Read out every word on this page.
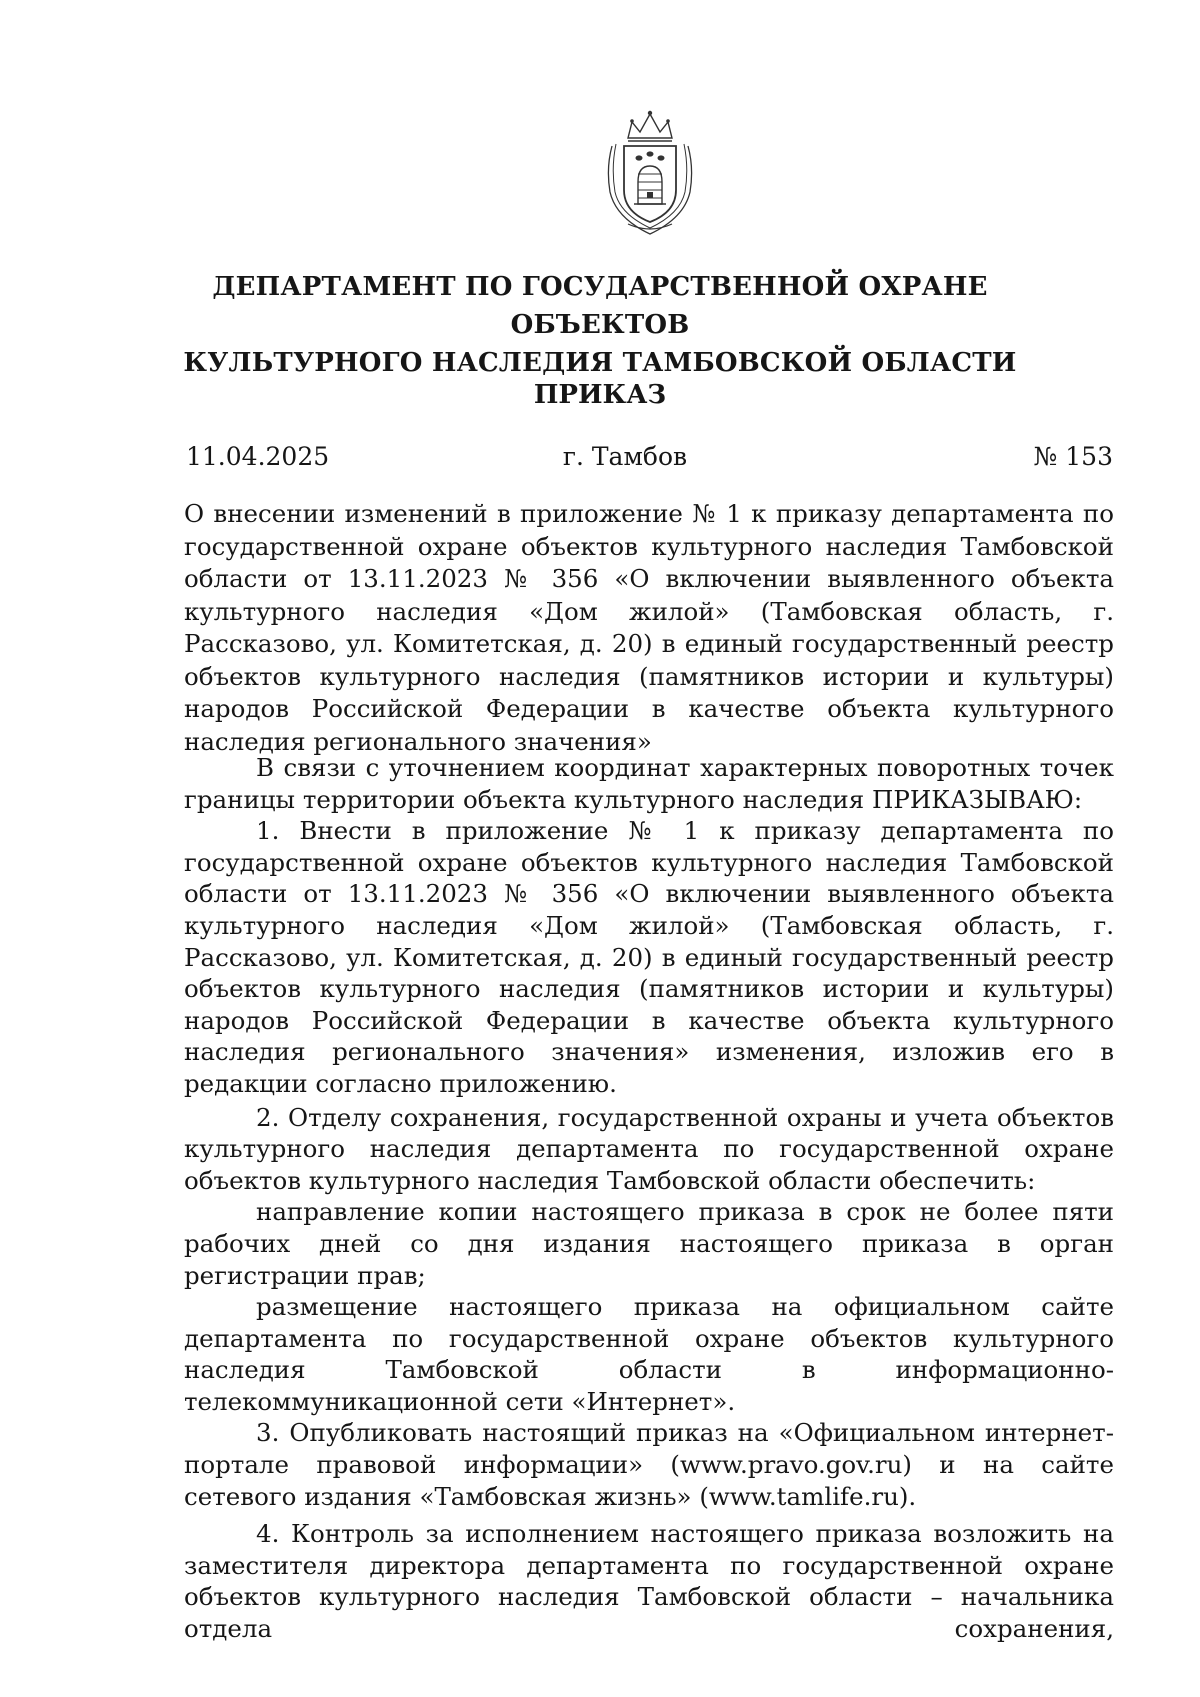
ДЕПАРТАМЕНТ ПО ГОСУДАРСТВЕННОЙ ОХРАНЕ ОБЪЕКТОВ
КУЛЬТУРНОГО НАСЛЕДИЯ ТАМБОВСКОЙ ОБЛАСТИ
ПРИКАЗ
11.04.2025	г. Тамбов	№ 153
О внесении изменений в приложение № 1 к приказу департамента по государственной охране объектов культурного наследия Тамбовской области от 13.11.2023 № 356 «О включении выявленного объекта культурного наследия «Дом жилой» (Тамбовская область, г. Рассказово, ул. Комитетская, д. 20) в единый государственный реестр объектов культурного наследия (памятников истории и культуры) народов Российской Федерации в качестве объекта культурного наследия регионального значения»

В связи с уточнением координат характерных поворотных точек границы территории объекта культурного наследия ПРИКАЗЫВАЮ:

1. Внести в приложение № 1 к приказу департамента по государственной охране объектов культурного наследия Тамбовской области от 13.11.2023 № 356 «О включении выявленного объекта культурного наследия «Дом жилой» (Тамбовская область, г. Рассказово, ул. Комитетская, д. 20) в единый государственный реестр объектов культурного наследия (памятников истории и культуры) народов Российской Федерации в качестве объекта культурного наследия регионального значения» изменения, изложив его в редакции согласно приложению.

2. Отделу сохранения, государственной охраны и учета объектов культурного наследия департамента по государственной охране объектов культурного наследия Тамбовской области обеспечить:

направление копии настоящего приказа в срок не более пяти рабочих дней со дня издания настоящего приказа в орган регистрации прав;

размещение настоящего приказа на официальном сайте департамента по государственной охране объектов культурного наследия Тамбовской области в информационно-телекоммуникационной сети «Интернет».

3. Опубликовать настоящий приказ на «Официальном интернет-портале правовой информации» (www.pravo.gov.ru) и на сайте сетевого издания «Тамбовская жизнь» (www.tamlife.ru).

4. Контроль за исполнением настоящего приказа возложить на заместителя директора департамента по государственной охране объектов культурного наследия Тамбовской области – начальника отдела сохранения,
